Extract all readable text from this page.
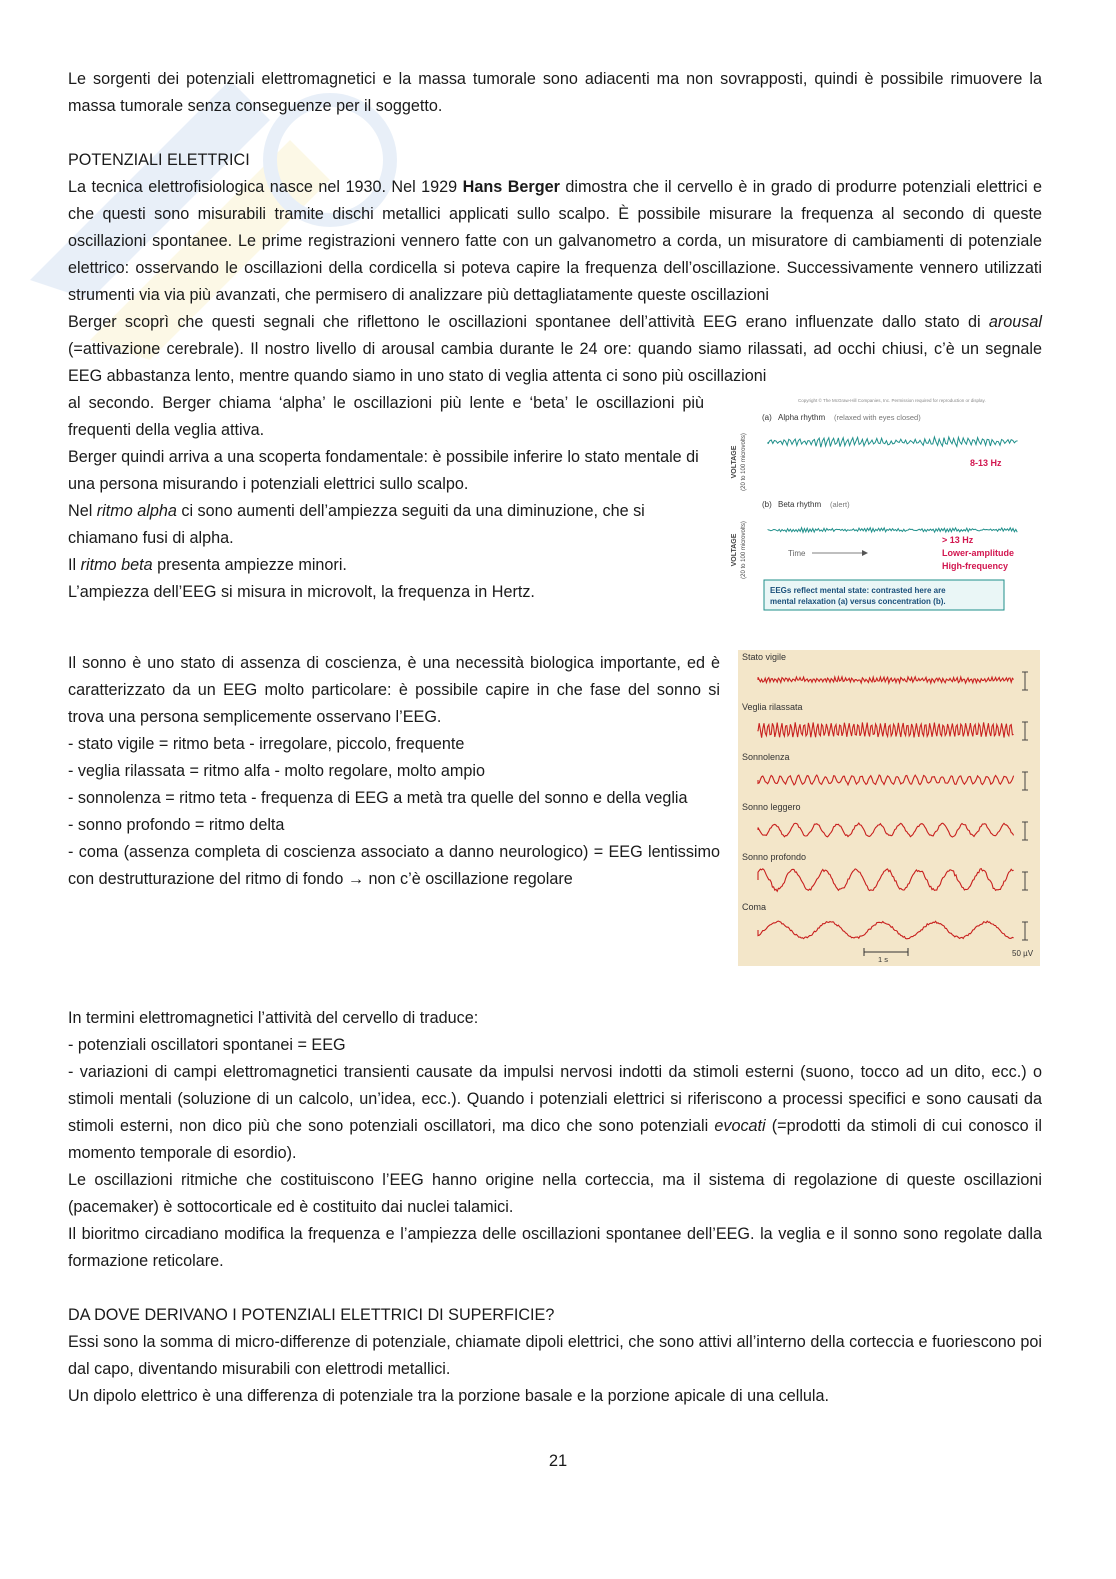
Le sorgenti dei potenziali elettromagnetici e la massa tumorale sono adiacenti ma non sovrapposti, quindi è possibile rimuovere la massa tumorale senza conseguenze per il soggetto.

POTENZIALI ELETTRICI

La tecnica elettrofisiologica nasce nel 1930. Nel 1929 Hans Berger dimostra che il cervello è in grado di produrre potenziali elettrici e che questi sono misurabili tramite dischi metallici applicati sullo scalpo. È possibile misurare la frequenza al secondo di queste oscillazioni spontanee. Le prime registrazioni vennero fatte con un galvanometro a corda, un misuratore di cambiamenti di potenziale elettrico: osservando le oscillazioni della cordicella si poteva capire la frequenza dell’oscillazione. Successivamente vennero utilizzati strumenti via via più avanzati, che permisero di analizzare più dettagliatamente queste oscillazioni

Berger scoprì che questi segnali che riflettono le oscillazioni spontanee dell’attività EEG erano influenzate dallo stato di arousal (=attivazione cerebrale). Il nostro livello di arousal cambia durante le 24 ore: quando siamo rilassati, ad occhi chiusi, c’è un segnale EEG abbastanza lento, mentre quando siamo in uno stato di veglia attenta ci sono più oscillazioni

al secondo. Berger chiama ‘alpha’ le oscillazioni più lente e ‘beta’ le oscillazioni più frequenti della veglia attiva.

Berger quindi arriva a una scoperta fondamentale: è possibile inferire lo stato mentale di una persona misurando i potenziali elettrici sullo scalpo.

Nel ritmo alpha ci sono aumenti dell’ampiezza seguiti da una diminuzione, che si chiamano fusi di alpha.

Il ritmo beta presenta ampiezze minori.

L’ampiezza dell’EEG si misura in microvolt, la frequenza in Hertz.

Copyright © The McGraw-Hill Companies, Inc. Permission required for reproduction or display.
VOLTAGE (20 to 100 microvolts)
VOLTAGE (20 to 100 microvolts)
(a) Alpha rhythm (relaxed with eyes closed)
8-13 Hz
(b) Beta rhythm (alert)
Time
> 13 Hz
Lower-amplitude
High-frequency
EEGs reflect mental state: contrasted here are
mental relaxation (a) versus concentration (b).

Il sonno è uno stato di assenza di coscienza, è una necessità biologica importante, ed è caratterizzato da un EEG molto particolare: è possibile capire in che fase del sonno si trova una persona semplicemente osservano l’EEG.

- stato vigile = ritmo beta - irregolare, piccolo, frequente

- veglia rilassata = ritmo alfa - molto regolare, molto ampio

- sonnolenza = ritmo teta - frequenza di EEG a metà tra quelle del sonno e della veglia

- sonno profondo = ritmo delta

- coma (assenza completa di coscienza associato a danno neurologico) = EEG lentissimo con destrutturazione del ritmo di fondo → non c’è oscillazione regolare

Stato vigile
Veglia rilassata
Sonnolenza
Sonno leggero
Sonno profondo
Coma
1 s
50 µV

In termini elettromagnetici l’attività del cervello di traduce:

- potenziali oscillatori spontanei = EEG

- variazioni di campi elettromagnetici transienti causate da impulsi nervosi indotti da stimoli esterni (suono, tocco ad un dito, ecc.) o stimoli mentali (soluzione di un calcolo, un’idea, ecc.). Quando i potenziali elettrici si riferiscono a processi specifici e sono causati da stimoli esterni, non dico più che sono potenziali oscillatori, ma dico che sono potenziali evocati (=prodotti da stimoli di cui conosco il momento temporale di esordio).

Le oscillazioni ritmiche che costituiscono l’EEG hanno origine nella corteccia, ma il sistema di regolazione di queste oscillazioni (pacemaker) è sottocorticale ed è costituito dai nuclei talamici.

Il bioritmo circadiano modifica la frequenza e l’ampiezza delle oscillazioni spontanee dell’EEG. la veglia e il sonno sono regolate dalla formazione reticolare.

DA DOVE DERIVANO I POTENZIALI ELETTRICI DI SUPERFICIE?

Essi sono la somma di micro-differenze di potenziale, chiamate dipoli elettrici, che sono attivi all’interno della corteccia e fuoriescono poi dal capo, diventando misurabili con elettrodi metallici.

Un dipolo elettrico è una differenza di potenziale tra la porzione basale e la porzione apicale di una cellula.

21
